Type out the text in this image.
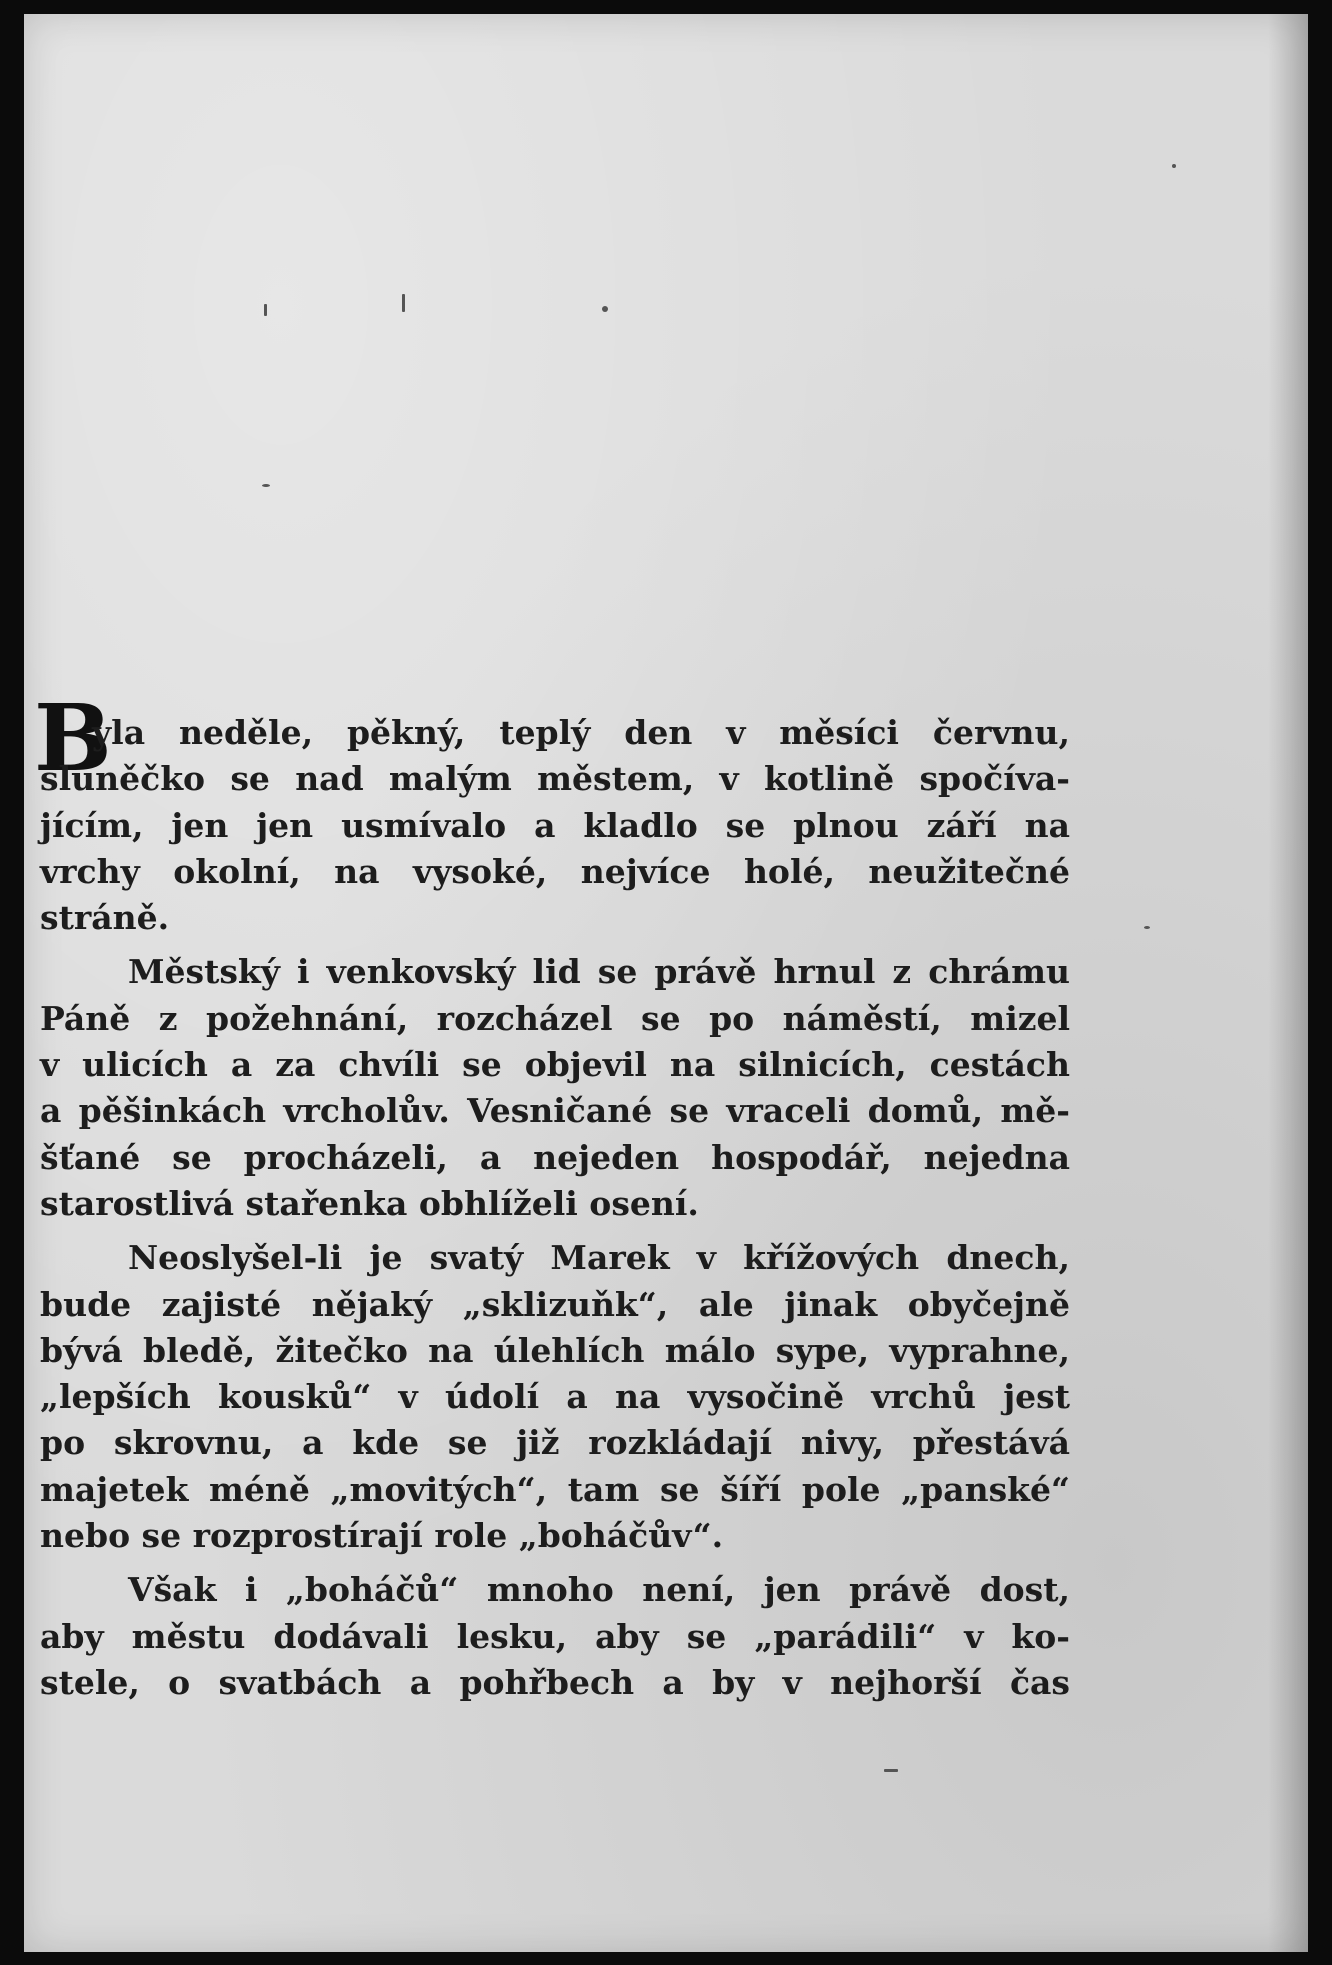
B
yla neděle, pěkný, teplý den v měsíci červnu,
sluněčko se nad malým městem, v kotlině spočíva-
jícím, jen jen usmívalo a kladlo se plnou září na
vrchy okolní, na vysoké, nejvíce holé, neužitečné
stráně.
Městský i venkovský lid se právě hrnul z chrámu
Páně z požehnání, rozcházel se po náměstí, mizel
v ulicích a za chvíli se objevil na silnicích, cestách
a pěšinkách vrcholův. Vesničané se vraceli domů, mě-
šťané se procházeli, a nejeden hospodář, nejedna
starostlivá stařenka obhlíželi osení.
Neoslyšel-li je svatý Marek v křížových dnech,
bude zajisté nějaký „sklizuňk“, ale jinak obyčejně
bývá bledě, žitečko na úlehlích málo sype, vyprahne,
„lepších kousků“ v údolí a na vysočině vrchů jest
po skrovnu, a kde se již rozkládají nivy, přestává
majetek méně „movitých“, tam se šíří pole „panské“
nebo se rozprostírají role „boháčův“.
Však i „boháčů“ mnoho není, jen právě dost,
aby městu dodávali lesku, aby se „parádili“ v ko-
stele, o svatbách a pohřbech a by v nejhorší čas
